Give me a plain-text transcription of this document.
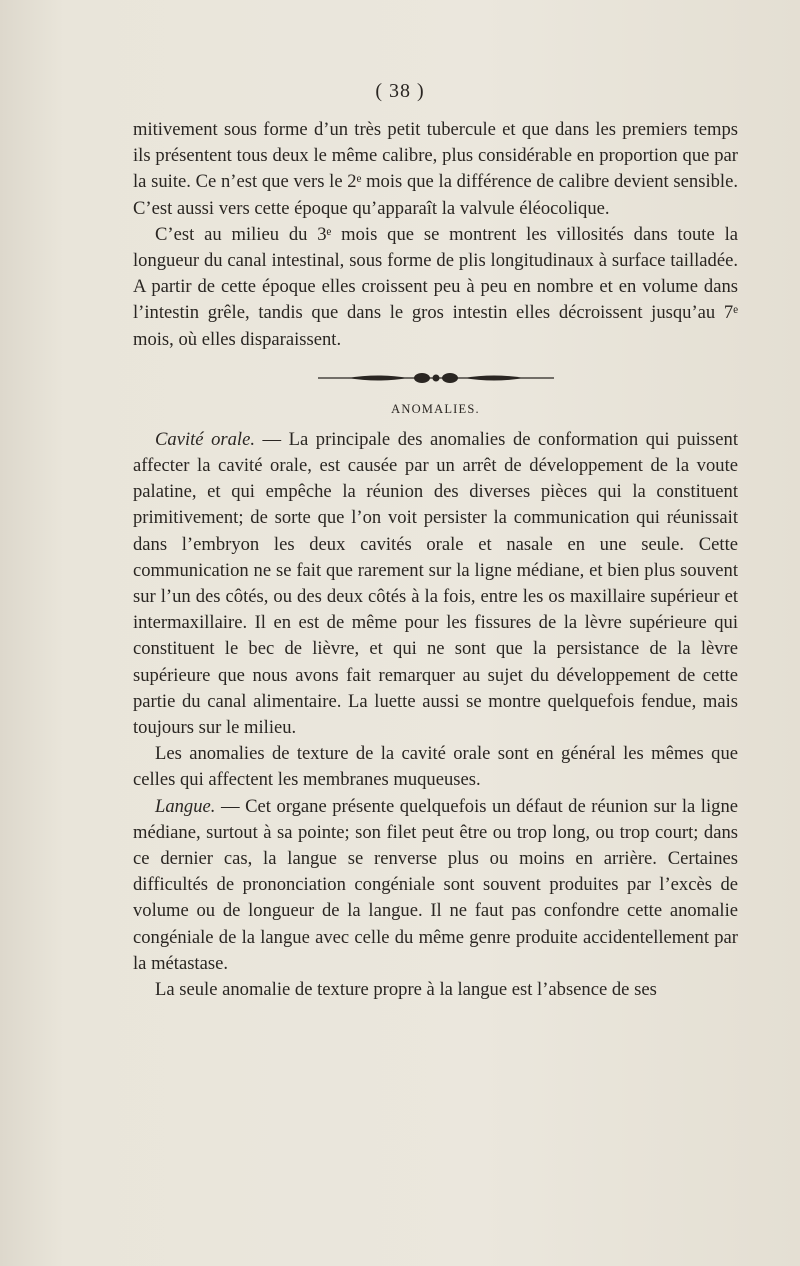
( 38 )

mitivement sous forme d’un très petit tubercule et que dans les premiers temps ils présentent tous deux le même calibre, plus considérable en proportion que par la suite. Ce n’est que vers le 2ᵉ mois que la différence de calibre devient sensible. C’est aussi vers cette époque qu’apparaît la valvule éléocolique.

C’est au milieu du 3ᵉ mois que se montrent les villosités dans toute la longueur du canal intestinal, sous forme de plis longitudinaux à surface tailladée. A partir de cette époque elles croissent peu à peu en nombre et en volume dans l’intestin grêle, tandis que dans le gros intestin elles décroissent jusqu’au 7ᵉ mois, où elles disparaissent.

ANOMALIES.

Cavité orale. — La principale des anomalies de conformation qui puissent affecter la cavité orale, est causée par un arrêt de développement de la voute palatine, et qui empêche la réunion des diverses pièces qui la constituent primitivement; de sorte que l’on voit persister la communication qui réunissait dans l’embryon les deux cavités orale et nasale en une seule. Cette communication ne se fait que rarement sur la ligne médiane, et bien plus souvent sur l’un des côtés, ou des deux côtés à la fois, entre les os maxillaire supérieur et intermaxillaire. Il en est de même pour les fissures de la lèvre supérieure qui constituent le bec de lièvre, et qui ne sont que la persistance de la lèvre supérieure que nous avons fait remarquer au sujet du développement de cette partie du canal alimentaire. La luette aussi se montre quelquefois fendue, mais toujours sur le milieu.

Les anomalies de texture de la cavité orale sont en général les mêmes que celles qui affectent les membranes muqueuses.

Langue. — Cet organe présente quelquefois un défaut de réunion sur la ligne médiane, surtout à sa pointe; son filet peut être ou trop long, ou trop court; dans ce dernier cas, la langue se renverse plus ou moins en arrière. Certaines difficultés de prononciation congéniale sont souvent produites par l’excès de volume ou de longueur de la langue. Il ne faut pas confondre cette anomalie congéniale de la langue avec celle du même genre produite accidentellement par la métastase.

La seule anomalie de texture propre à la langue est l’absence de ses
